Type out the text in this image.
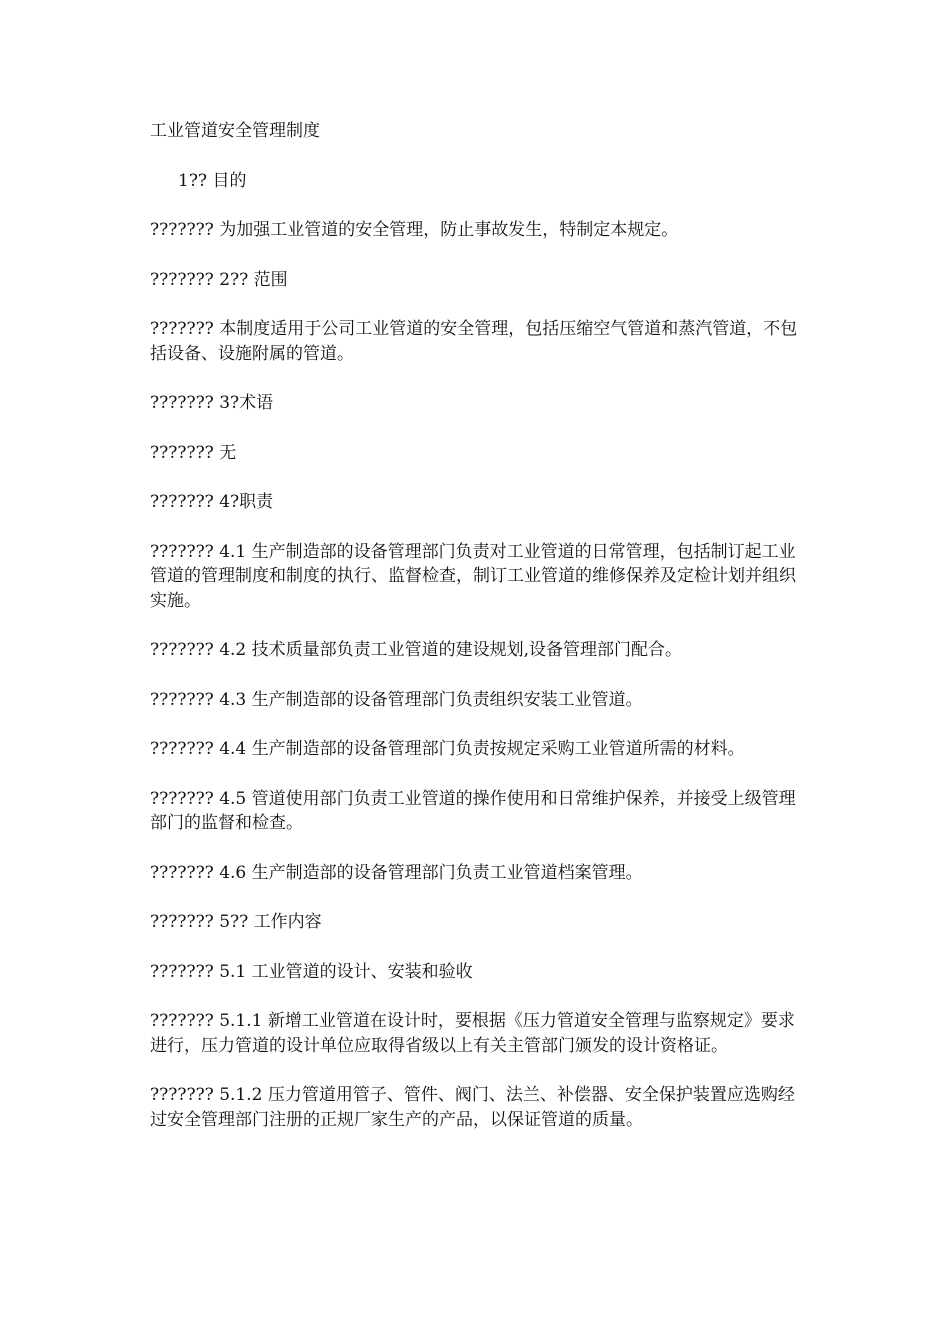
工业管道安全管理制度

1?? 目的

??????? 为加强工业管道的安全管理，防止事故发生，特制定本规定。

??????? 2?? 范围

??????? 本制度适用于公司工业管道的安全管理，包括压缩空气管道和蒸汽管道，不包括设备、设施附属的管道。

??????? 3?术语

??????? 无

??????? 4?职责

??????? 4.1 生产制造部的设备管理部门负责对工业管道的日常管理，包括制订起工业管道的管理制度和制度的执行、监督检查，制订工业管道的维修保养及定检计划并组织实施。

??????? 4.2 技术质量部负责工业管道的建设规划,设备管理部门配合。

??????? 4.3 生产制造部的设备管理部门负责组织安装工业管道。

??????? 4.4 生产制造部的设备管理部门负责按规定采购工业管道所需的材料。

??????? 4.5 管道使用部门负责工业管道的操作使用和日常维护保养，并接受上级管理部门的监督和检查。

??????? 4.6 生产制造部的设备管理部门负责工业管道档案管理。

??????? 5?? 工作内容

??????? 5.1 工业管道的设计、安装和验收

??????? 5.1.1 新增工业管道在设计时，要根据《压力管道安全管理与监察规定》要求进行，压力管道的设计单位应取得省级以上有关主管部门颁发的设计资格证。

??????? 5.1.2 压力管道用管子、管件、阀门、法兰、补偿器、安全保护装置应选购经过安全管理部门注册的正规厂家生产的产品，以保证管道的质量。
